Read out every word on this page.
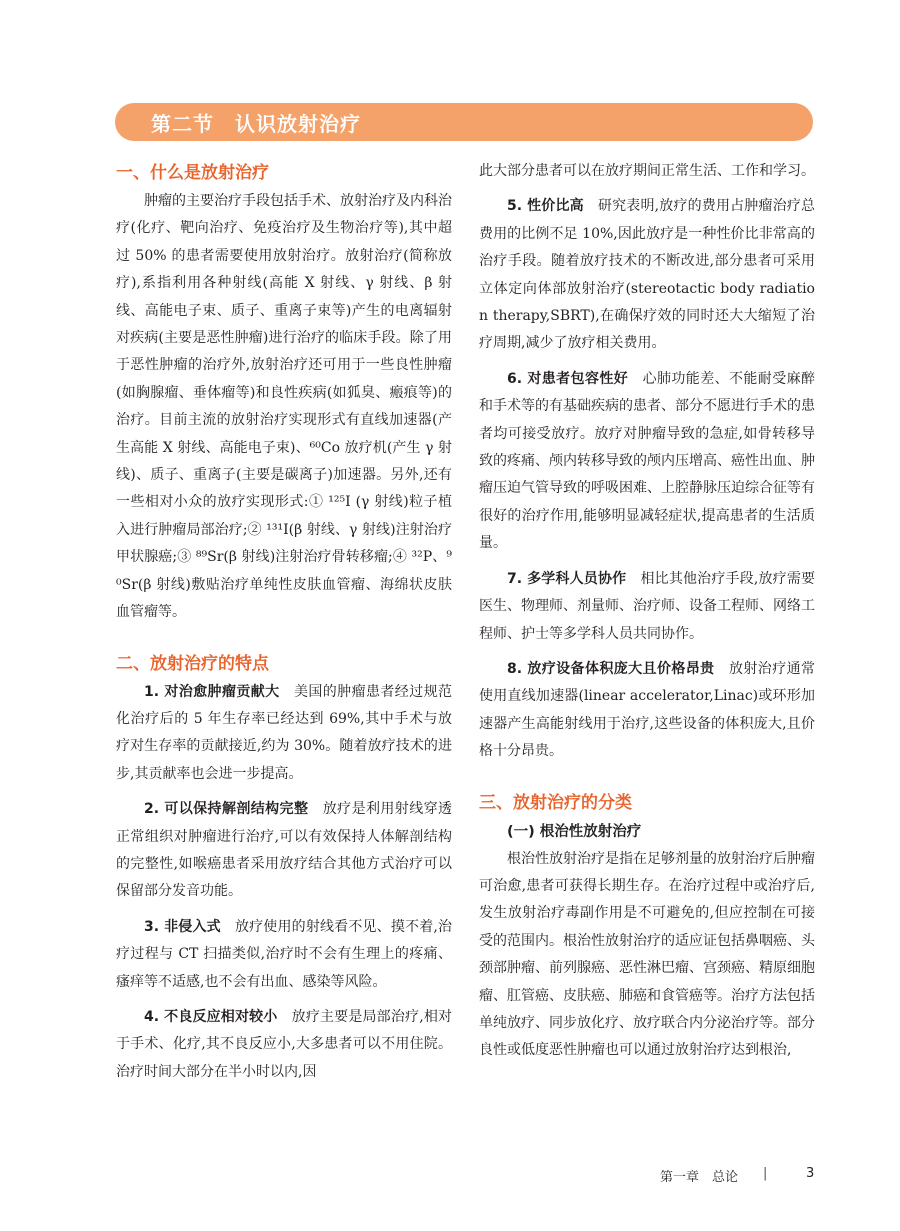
第二节　认识放射治疗
一、什么是放射治疗

肿瘤的主要治疗手段包括手术、放射治疗及内科治疗(化疗、靶向治疗、免疫治疗及生物治疗等),其中超过 50% 的患者需要使用放射治疗。放射治疗(简称放疗),系指利用各种射线(高能 X 射线、γ 射线、β 射线、高能电子束、质子、重离子束等)产生的电离辐射对疾病(主要是恶性肿瘤)进行治疗的临床手段。除了用于恶性肿瘤的治疗外,放射治疗还可用于一些良性肿瘤(如胸腺瘤、垂体瘤等)和良性疾病(如狐臭、瘢痕等)的治疗。目前主流的放射治疗实现形式有直线加速器(产生高能 X 射线、高能电子束)、⁶⁰Co 放疗机(产生 γ 射线)、质子、重离子(主要是碳离子)加速器。另外,还有一些相对小众的放疗实现形式:① ¹²⁵I (γ 射线)粒子植入进行肿瘤局部治疗;② ¹³¹I(β 射线、γ 射线)注射治疗甲状腺癌;③ ⁸⁹Sr(β 射线)注射治疗骨转移瘤;④ ³²P、⁹⁰Sr(β 射线)敷贴治疗单纯性皮肤血管瘤、海绵状皮肤血管瘤等。

二、放射治疗的特点

1. 对治愈肿瘤贡献大　 美国的肿瘤患者经过规范化治疗后的 5 年生存率已经达到 69%,其中手术与放疗对生存率的贡献接近,约为 30%。随着放疗技术的进步,其贡献率也会进一步提高。

2. 可以保持解剖结构完整　 放疗是利用射线穿透正常组织对肿瘤进行治疗,可以有效保持人体解剖结构的完整性,如喉癌患者采用放疗结合其他方式治疗可以保留部分发音功能。

3. 非侵入式　 放疗使用的射线看不见、摸不着,治疗过程与 CT 扫描类似,治疗时不会有生理上的疼痛、瘙痒等不适感,也不会有出血、感染等风险。

4. 不良反应相对较小　 放疗主要是局部治疗,相对于手术、化疗,其不良反应小,大多患者可以不用住院。治疗时间大部分在半小时以内,因

此大部分患者可以在放疗期间正常生活、工作和学习。

5. 性价比高　 研究表明,放疗的费用占肿瘤治疗总费用的比例不足 10%,因此放疗是一种性价比非常高的治疗手段。随着放疗技术的不断改进,部分患者可采用立体定向体部放射治疗(stereotactic body radiation therapy,SBRT),在确保疗效的同时还大大缩短了治疗周期,减少了放疗相关费用。

6. 对患者包容性好　 心肺功能差、不能耐受麻醉和手术等的有基础疾病的患者、部分不愿进行手术的患者均可接受放疗。放疗对肿瘤导致的急症,如骨转移导致的疼痛、颅内转移导致的颅内压增高、癌性出血、肿瘤压迫气管导致的呼吸困难、上腔静脉压迫综合征等有很好的治疗作用,能够明显减轻症状,提高患者的生活质量。

7. 多学科人员协作　 相比其他治疗手段,放疗需要医生、物理师、剂量师、治疗师、设备工程师、网络工程师、护士等多学科人员共同协作。

8. 放疗设备体积庞大且价格昂贵　 放射治疗通常使用直线加速器(linear accelerator,Linac)或环形加速器产生高能射线用于治疗,这些设备的体积庞大,且价格十分昂贵。

三、放射治疗的分类
(一) 根治性放射治疗

根治性放射治疗是指在足够剂量的放射治疗后肿瘤可治愈,患者可获得长期生存。在治疗过程中或治疗后,发生放射治疗毒副作用是不可避免的,但应控制在可接受的范围内。根治性放射治疗的适应证包括鼻咽癌、头颈部肿瘤、前列腺癌、恶性淋巴瘤、宫颈癌、精原细胞瘤、肛管癌、皮肤癌、肺癌和食管癌等。治疗方法包括单纯放疗、同步放化疗、放疗联合内分泌治疗等。部分良性或低度恶性肿瘤也可以通过放射治疗达到根治,

第一章　总论 |	3
